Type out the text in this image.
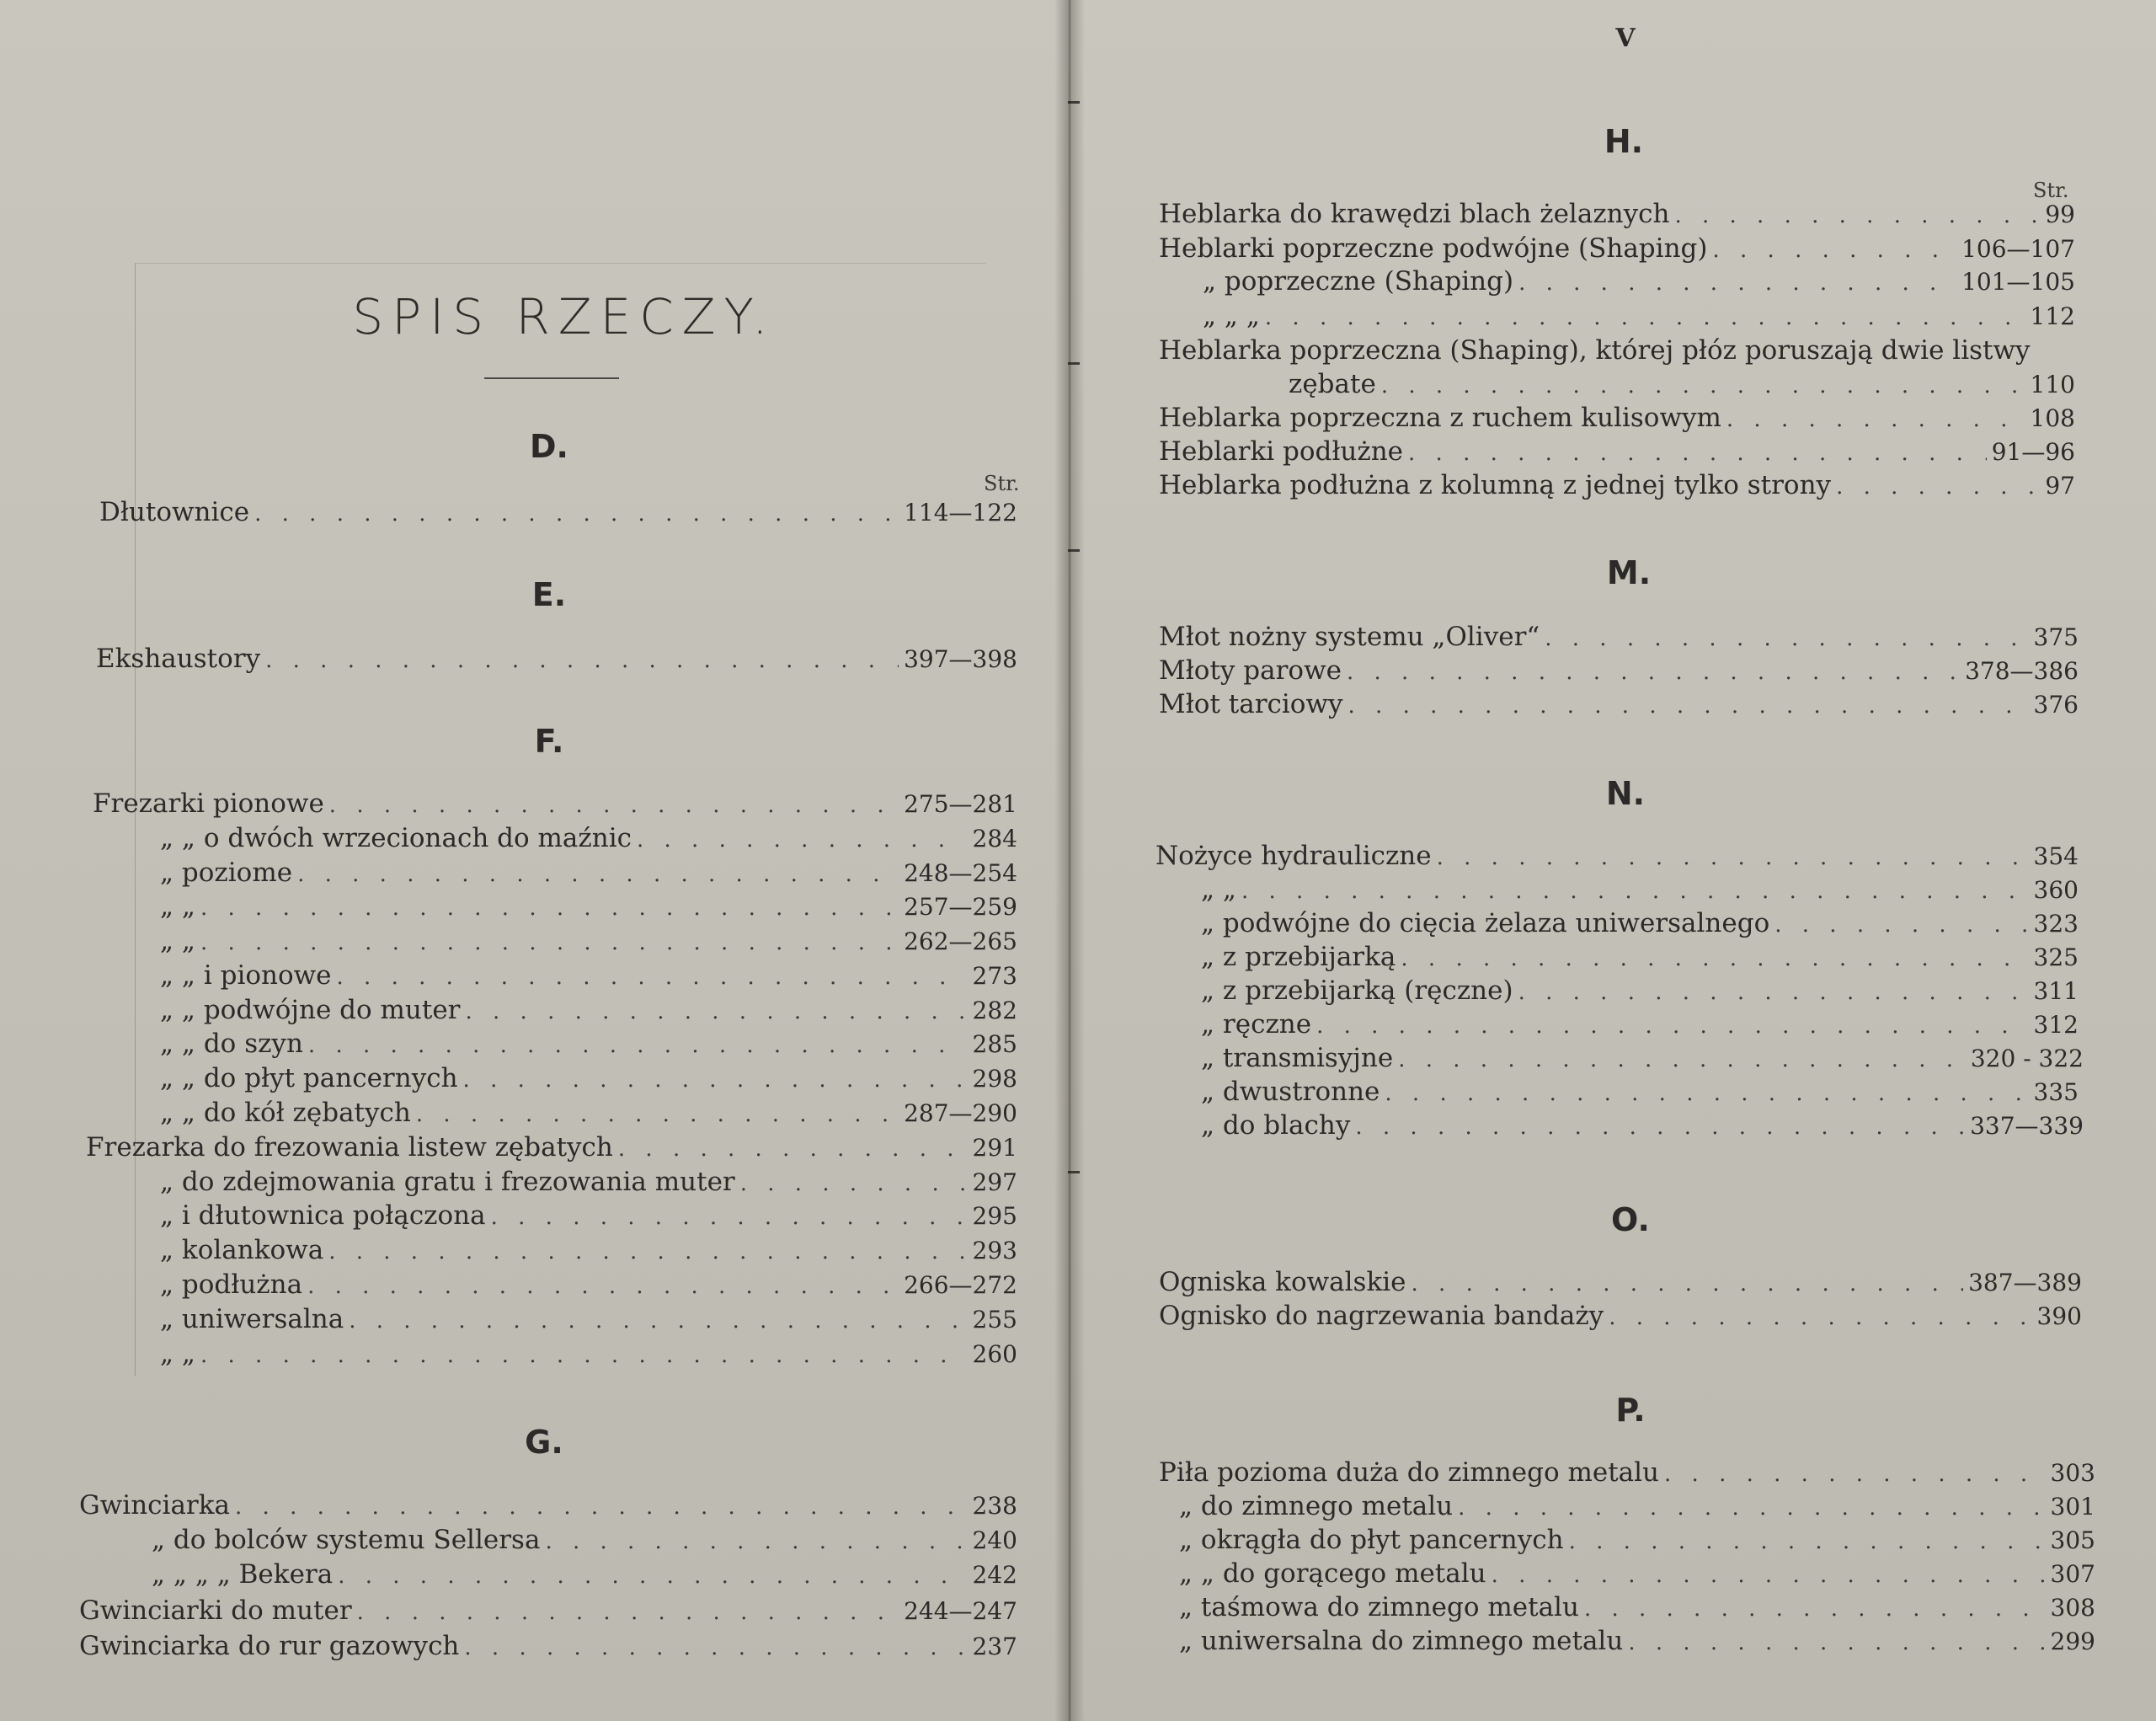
SPIS RZECZY.
D.
Str.
Dłutownice . . .	114—122
E.
Ekshaustory . . .	397—398
F.
Frezarki pionowe . . .	275—281
„ „ o dwóch wrzecionach do maźnic . . .	284
„ poziome . . .	248—254
„ „ . . .	257—259
„ „ . . .	262—265
„ „ i pionowe . . .	273
„ „ podwójne do muter . . .	282
„ „ do szyn . . .	285
„ „ do płyt pancernych . . .	298
„ „ do kół zębatych . . .	287—290
Frezarka do frezowania listew zębatych . . .	291
„ do zdejmowania gratu i frezowania muter . . .	297
„ i dłutownica połączona . . .	295
„ kolankowa . . .	293
„ podłużna . . .	266—272
„ uniwersalna . . .	255
„ „ . . .	260
G.
Gwinciarka . . .	238
„ do bolców systemu Sellersa . . .	240
„ „ „ „ Bekera . . .	242
Gwinciarki do muter . . .	244—247
Gwinciarka do rur gazowych . . .	237
V
H.
Str.
Heblarka do krawędzi blach żelaznych . . .	99
Heblarki poprzeczne podwójne (Shaping) . . .	106—107
„ poprzeczne (Shaping) . . .	101—105
„ „ „ . . .	112
Heblarka poprzeczna (Shaping), której płóz poruszają dwie listwy
zębate . . .	110
Heblarka poprzeczna z ruchem kulisowym . . .	108
Heblarki podłużne . . .	91—96
Heblarka podłużna z kolumną z jednej tylko strony . . .	97
M.
Młot nożny systemu „Oliver“ . . .	375
Młoty parowe . . .	378—386
Młot tarciowy . . .	376
N.
Nożyce hydrauliczne . . .	354
„ „ . . .	360
„ podwójne do cięcia żelaza uniwersalnego . . .	323
„ z przebijarką . . .	325
„ z przebijarką (ręczne) . . .	311
„ ręczne . . .	312
„ transmisyjne . . .	320 - 322
„ dwustronne . . .	335
„ do blachy . . .	337—339
O.
Ogniska kowalskie . . .	387—389
Ognisko do nagrzewania bandaży . . .	390
P.
Piła pozioma duża do zimnego metalu . . .	303
„ do zimnego metalu . . .	301
„ okrągła do płyt pancernych . . .	305
„ „ do gorącego metalu . . .	307
„ taśmowa do zimnego metalu . . .	308
„ uniwersalna do zimnego metalu . . .	299
